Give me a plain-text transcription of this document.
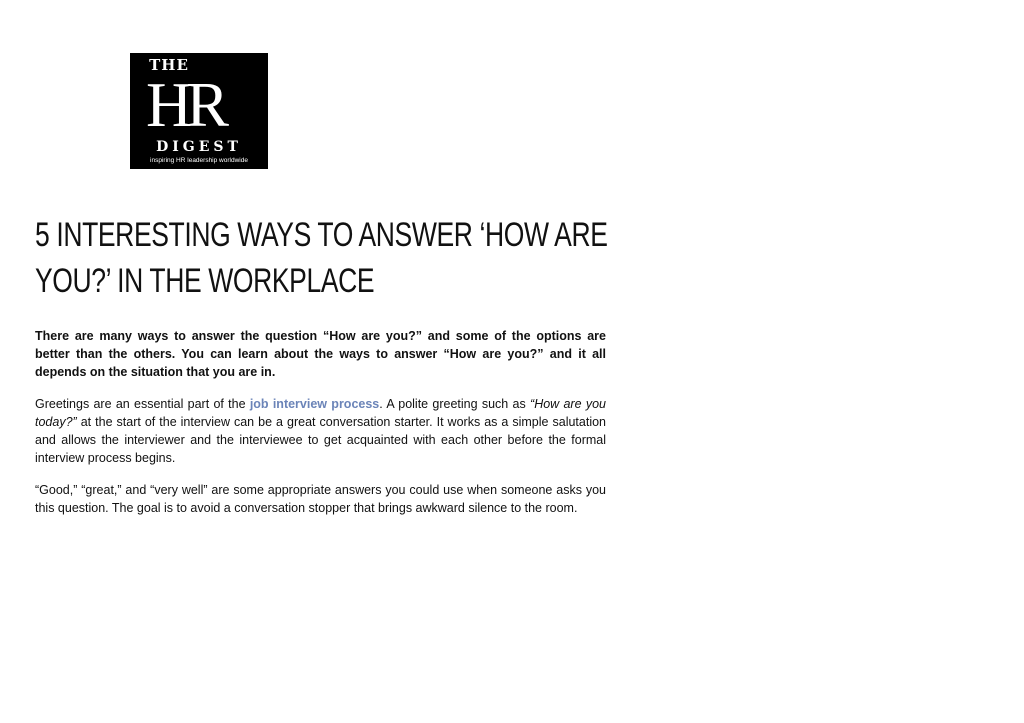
THE
HR
DIGEST
inspiring HR leadership worldwide
5 INTERESTING WAYS TO ANSWER ‘HOW ARE YOU?’ IN THE WORKPLACE

There are many ways to answer the question “How are you?” and some of the options are better than the others. You can learn about the ways to answer “How are you?” and it all depends on the situation that you are in.

Greetings are an essential part of the job interview process. A polite greeting such as “How are you today?” at the start of the interview can be a great conversation starter. It works as a simple salutation and allows the interviewer and the interviewee to get acquainted with each other before the formal interview process begins.

“Good,” “great,” and “very well” are some appropriate answers you could use when someone asks you this question. The goal is to avoid a conversation stopper that brings awkward silence to the room.
